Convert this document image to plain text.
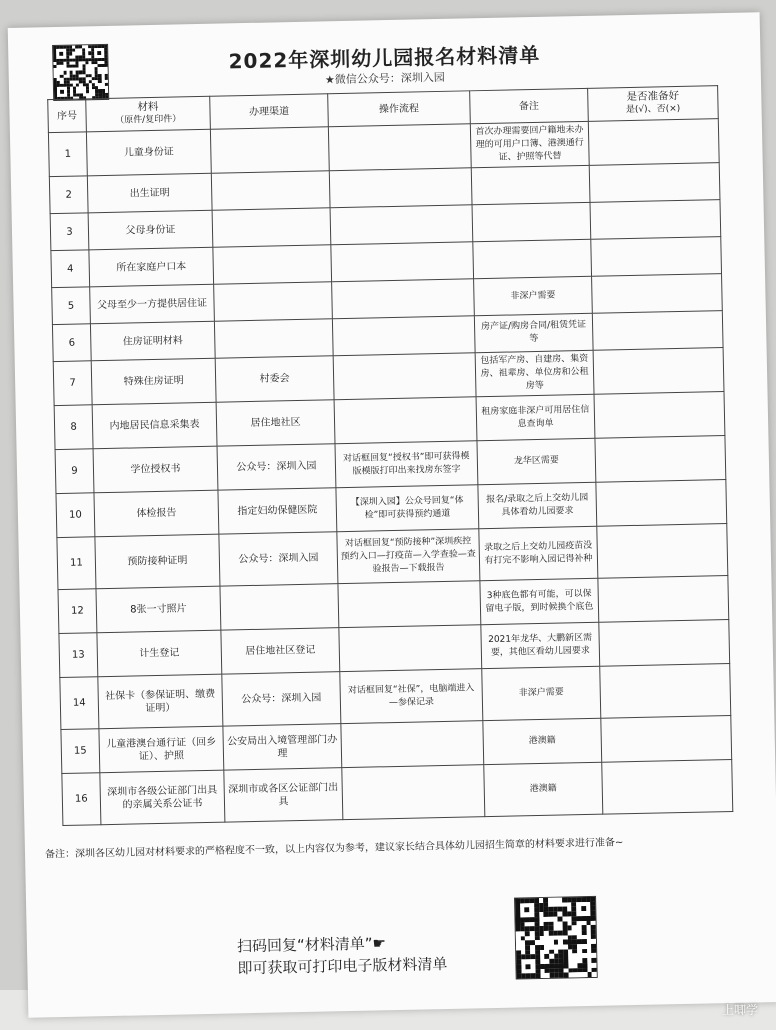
2022年深圳幼儿园报名材料清单
★微信公众号：深圳入园
序号	材料
（原件/复印件）	办理渠道	操作流程	备注	是否准备好
是(√)、否(×)

1	儿童身份证			首次办理需要回户籍地未办理的可用户口簿、港澳通行证、护照等代替	
2	出生证明				
3	父母身份证				
4	所在家庭户口本				
5	父母至少一方提供居住证			非深户需要	
6	住房证明材料			房产证/购房合同/租赁凭证等	
7	特殊住房证明	村委会		包括军产房、自建房、集资房、祖辈房、单位房和公租房等	
8	内地居民信息采集表	居住地社区		租房家庭非深户可用居住信息查询单	
9	学位授权书	公众号：深圳入园	对话框回复“授权书”即可获得模版模版打印出来找房东签字	龙华区需要	
10	体检报告	指定妇幼保健医院	【深圳入园】公众号回复“体检”即可获得预约通道	报名/录取之后上交幼儿园具体看幼儿园要求	
11	预防接种证明	公众号：深圳入园	对话框回复“预防接种”深圳疾控预约入口—打疫苗—入学查验—查验报告—下载报告	录取之后上交幼儿园疫苗没有打完不影响入园记得补种	
12	8张一寸照片			3种底色都有可能，可以保留电子版，到时候换个底色	
13	计生登记	居住地社区登记		2021年龙华、大鹏新区需要，其他区看幼儿园要求	
14	社保卡（参保证明、缴费证明）	公众号：深圳入园	对话框回复“社保”，电脑端进入—参保记录	非深户需要	
15	儿童港澳台通行证（回乡证）、护照	公安局出入境管理部门办理		港澳籍	
16	深圳市各级公证部门出具的亲属关系公证书	深圳市或各区公证部门出具		港澳籍	
备注：深圳各区幼儿园对材料要求的严格程度不一致，以上内容仅为参考，建议家长结合具体幼儿园招生简章的材料要求进行准备~
扫码回复“材料清单”☛
即可获取可打印电子版材料清单
上唧学
